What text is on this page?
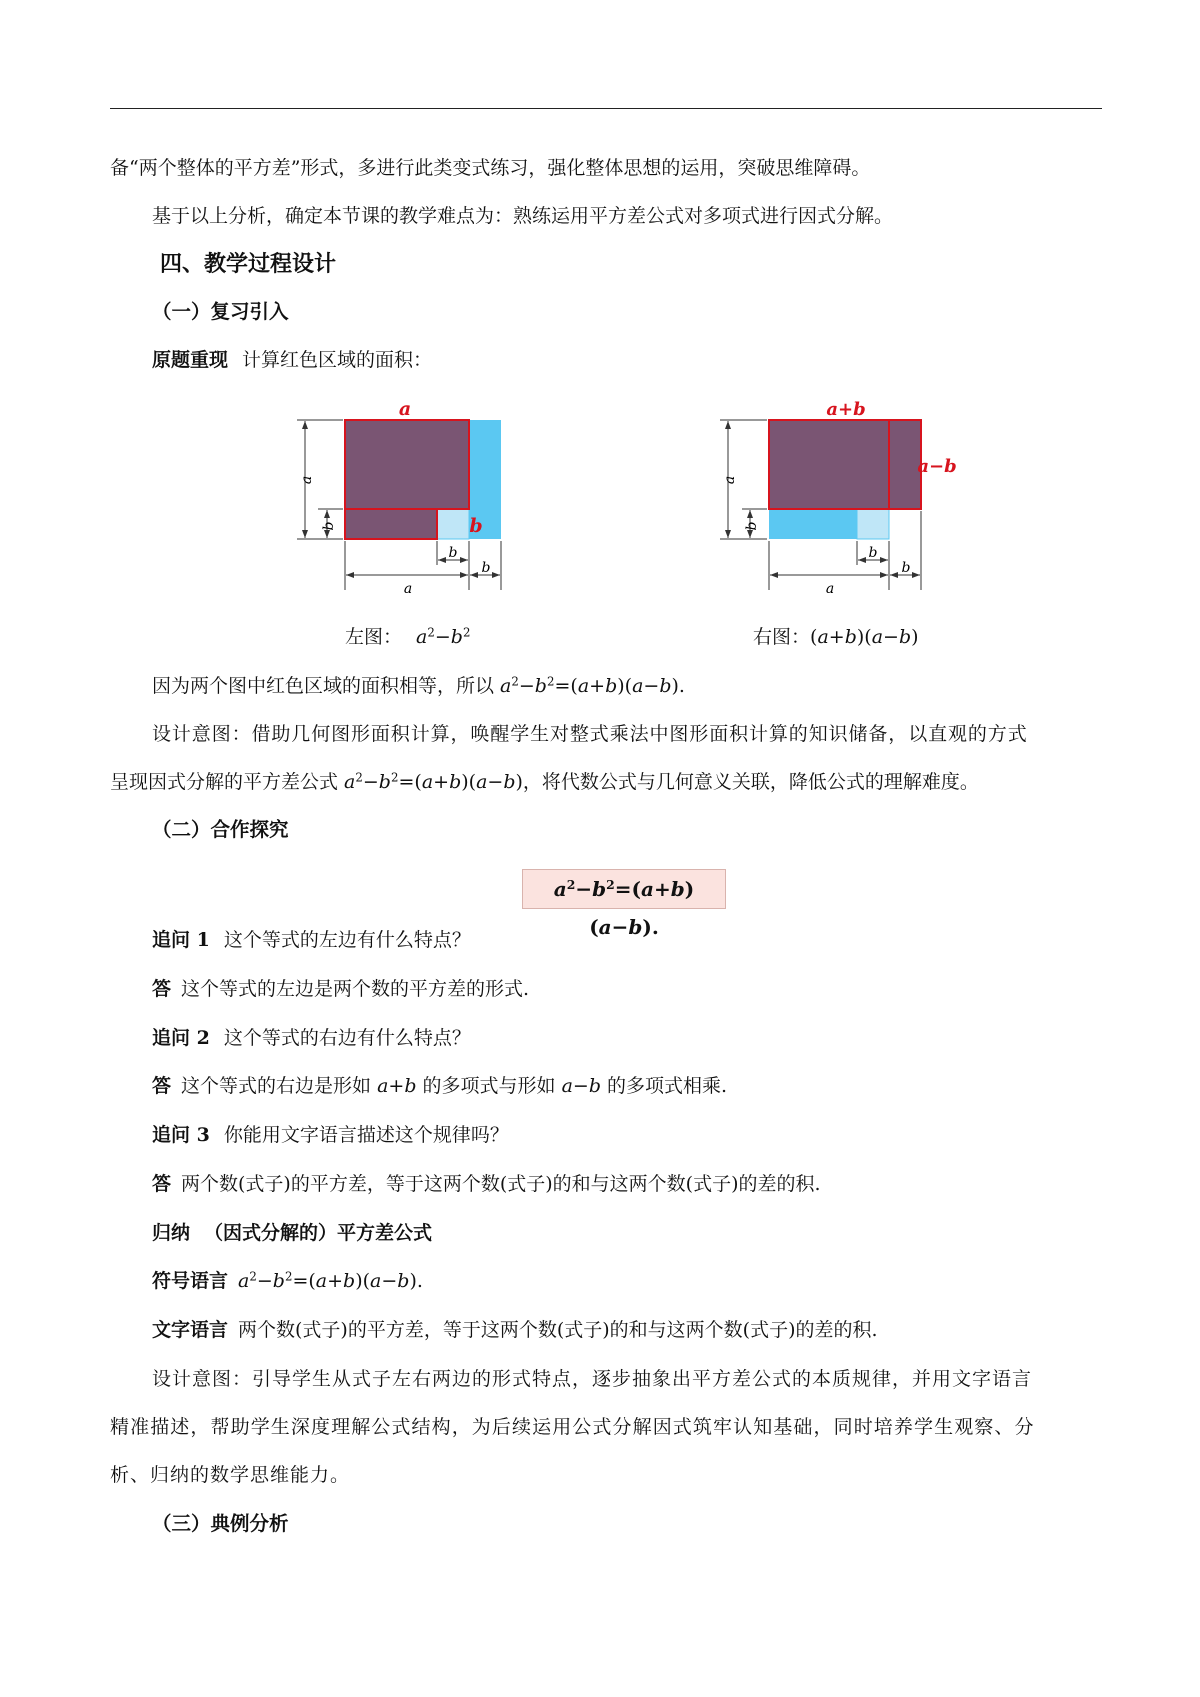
备“两个整体的平方差”形式，多进行此类变式练习，强化整体思想的运用，突破思维障碍。
基于以上分析，确定本节课的教学难点为：熟练运用平方差公式对多项式进行因式分解。
四、教学过程设计
（一）复习引入
原题重现 计算红色区域的面积：
a
b
a
b
a
b
b
a+b
a−b
a
b
a
b
b
左图： $a^2-b^2$	右图：(a+b)(a−b)
因为两个图中红色区域的面积相等，所以 $a^2-b^2=(a+b)(a-b)$.
设计意图：借助几何图形面积计算，唤醒学生对整式乘法中图形面积计算的知识储备，以直观的方式
呈现因式分解的平方差公式 $a^2-b^2=(a+b)(a-b)$，将代数公式与几何意义关联，降低公式的理解难度。
（二）合作探究
$a^2-b^2=(a+b)(a-b)$.
追问 1 这个等式的左边有什么特点？
答 这个等式的左边是两个数的平方差的形式.
追问 2 这个等式的右边有什么特点？
答 这个等式的右边是形如 a+b 的多项式与形如 a−b 的多项式相乘.
追问 3 你能用文字语言描述这个规律吗？
答 两个数(式子)的平方差，等于这两个数(式子)的和与这两个数(式子)的差的积.
归纳 （因式分解的）平方差公式
符号语言 $a^2-b^2=(a+b)(a-b)$.
文字语言 两个数(式子)的平方差，等于这两个数(式子)的和与这两个数(式子)的差的积.
设计意图：引导学生从式子左右两边的形式特点，逐步抽象出平方差公式的本质规律，并用文字语言
精准描述，帮助学生深度理解公式结构，为后续运用公式分解因式筑牢认知基础，同时培养学生观察、分
析、归纳的数学思维能力。
（三）典例分析
